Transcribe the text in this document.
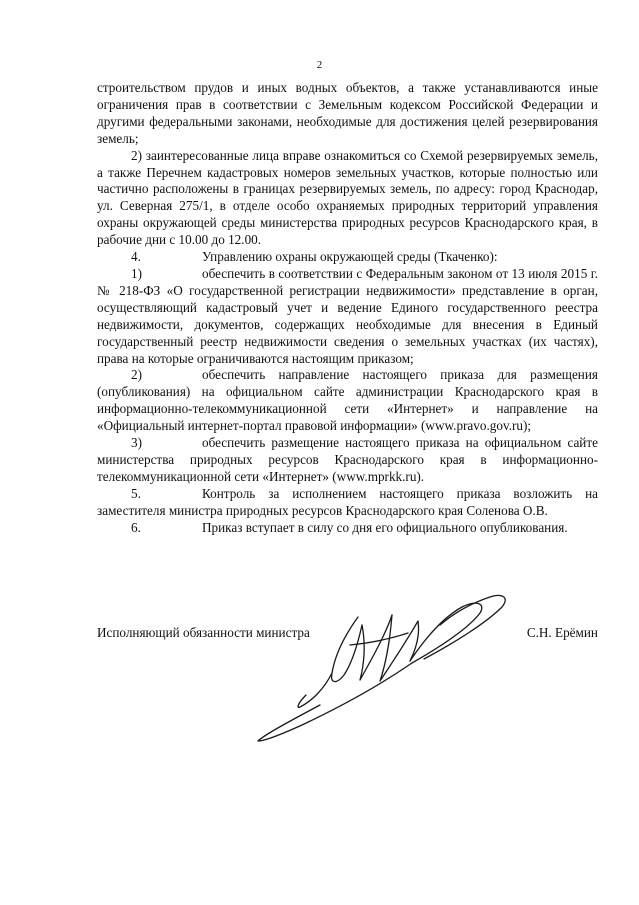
2

строительством прудов и иных водных объектов, а также устанавливаются иные ограничения прав в соответствии с Земельным кодексом Российской Федерации и другими федеральными законами, необходимые для достижения целей резервирования земель;

2) заинтересованные лица вправе ознакомиться со Схемой резервируемых земель, а также Перечнем кадастровых номеров земельных участков, которые полностью или частично расположены в границах резервируемых земель, по адресу: город Краснодар, ул. Северная 275/1, в отделе особо охраняемых природных территорий управления охраны окружающей среды министерства природных ресурсов Краснодарского края, в рабочие дни с 10.00 до 12.00.

4.	Управлению охраны окружающей среды (Ткаченко):

1)	обеспечить в соответствии с Федеральным законом от 13 июля 2015 г. № 218-ФЗ «О государственной регистрации недвижимости» представление в орган, осуществляющий кадастровый учет и ведение Единого государственного реестра недвижимости, документов, содержащих необходимые для внесения в Единый государственный реестр недвижимости сведения о земельных участках (их частях), права на которые ограничиваются настоящим приказом;

2)	обеспечить направление настоящего приказа для размещения (опубликования) на официальном сайте администрации Краснодарского края в информационно-телекоммуникационной сети «Интернет» и направление на «Официальный интернет-портал правовой информации» (www.pravo.gov.ru);

3)	обеспечить размещение настоящего приказа на официальном сайте министерства природных ресурсов Краснодарского края в информационно-телекоммуникационной сети «Интернет» (www.mprkk.ru).

5.	Контроль за исполнением настоящего приказа возложить на заместителя министра природных ресурсов Краснодарского края Соленова О.В.

6.	Приказ вступает в силу со дня его официального опубликования.

Исполняющий обязанности министра	С.Н. Ерёмин
